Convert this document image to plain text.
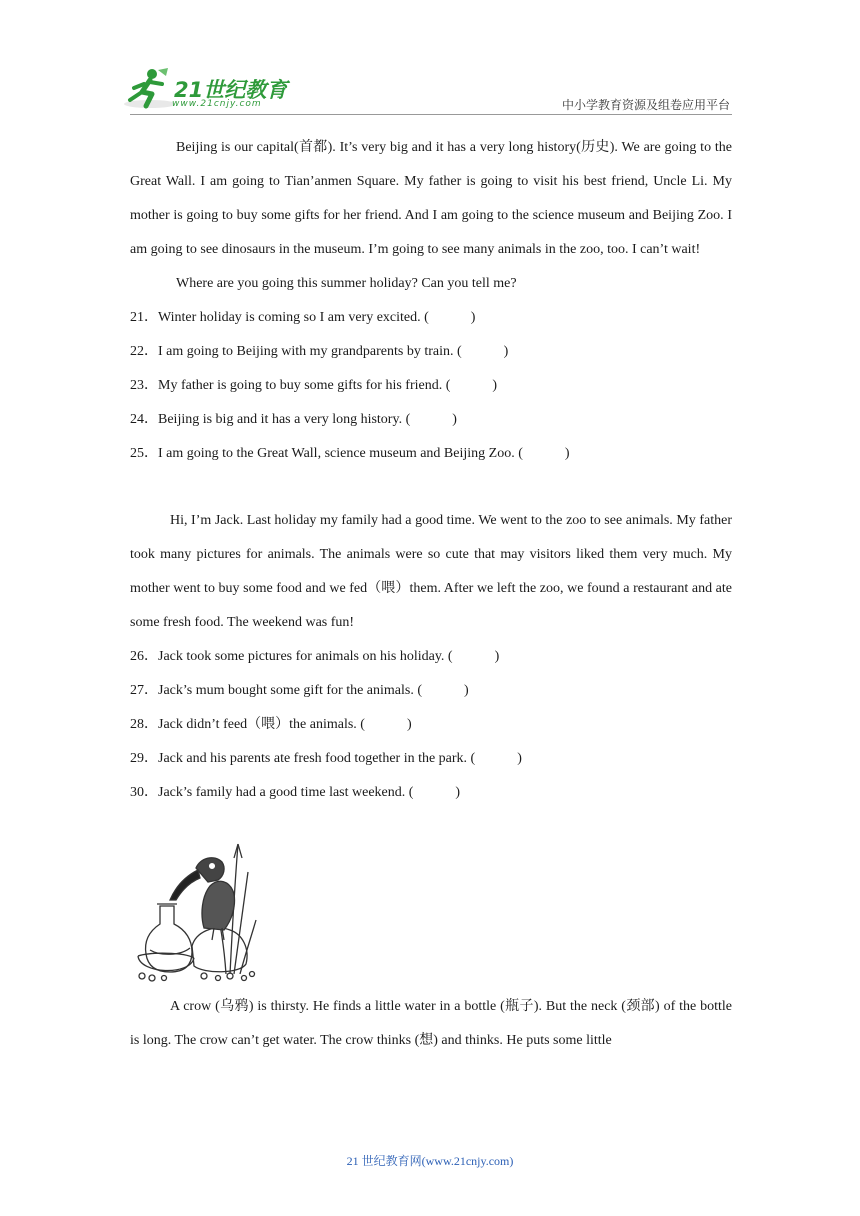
21世纪教育
www.21cnjy.com	中小学教育资源及组卷应用平台

Beijing is our capital(首都). It’s very big and it has a very long history(历史). We are going to the Great Wall. I am going to Tian’anmen Square. My father is going to visit his best friend, Uncle Li. My mother is going to buy some gifts for her friend. And I am going to the science museum and Beijing Zoo. I am going to see dinosaurs in the museum. I’m going to see many animals in the zoo, too. I can’t wait!

Where are you going this summer holiday? Can you tell me?

21．Winter holiday is coming so I am very excited. (　　　)

22．I am going to Beijing with my grandparents by train. (　　　)

23．My father is going to buy some gifts for his friend. (　　　)

24．Beijing is big and it has a very long history. (　　　)

25．I am going to the Great Wall, science museum and Beijing Zoo. (　　　)

Hi, I’m Jack. Last holiday my family had a good time. We went to the zoo to see animals. My father took many pictures for animals. The animals were so cute that may visitors liked them very much. My mother went to buy some food and we fed（喂）them. After we left the zoo, we found a restaurant and ate some fresh food. The weekend was fun!

26．Jack took some pictures for animals on his holiday. (　　　)

27．Jack’s mum bought some gift for the animals. (　　　)

28．Jack didn’t feed（喂）the animals. (　　　)

29．Jack and his parents ate fresh food together in the park. (　　　)

30．Jack’s family had a good time last weekend. (　　　)

A crow (乌鸦) is thirsty. He finds a little water in a bottle (瓶子). But the neck (颈部) of the bottle is long. The crow can’t get water. The crow thinks (想) and thinks. He puts some little

21 世纪教育网(www.21cnjy.com)
